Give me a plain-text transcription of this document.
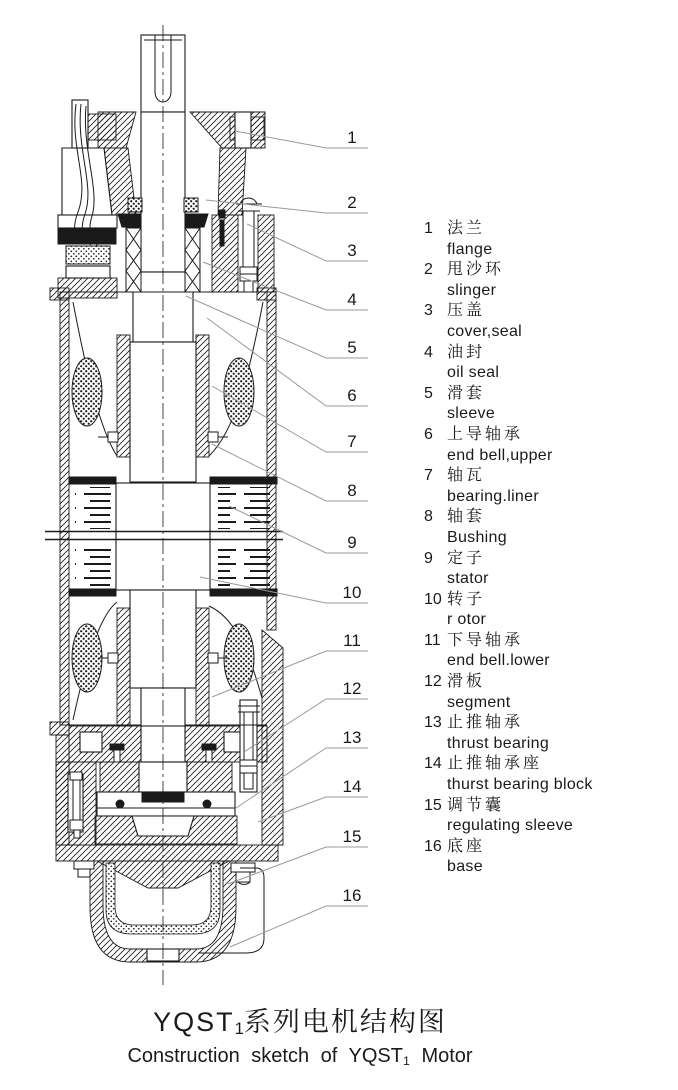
1
2
3
4
5
6
7
8
9
10
11
12
13
14
15
16
1 法兰
flange
2 甩沙环
slinger
3 压盖
cover,seal
4 油封
oil seal
5 滑套
sleeve
6 上导轴承
end bell,upper
7 轴瓦
bearing.liner
8 轴套
Bushing
9 定子
stator
10 转子
r otor
11 下导轴承
end bell.lower
12 滑板
segment
13 止推轴承
thrust bearing
14 止推轴承座
thurst bearing block
15 调节囊
regulating sleeve
16 底座
base
YQST1系列电机结构图
Construction sketch of YQST1 Motor
